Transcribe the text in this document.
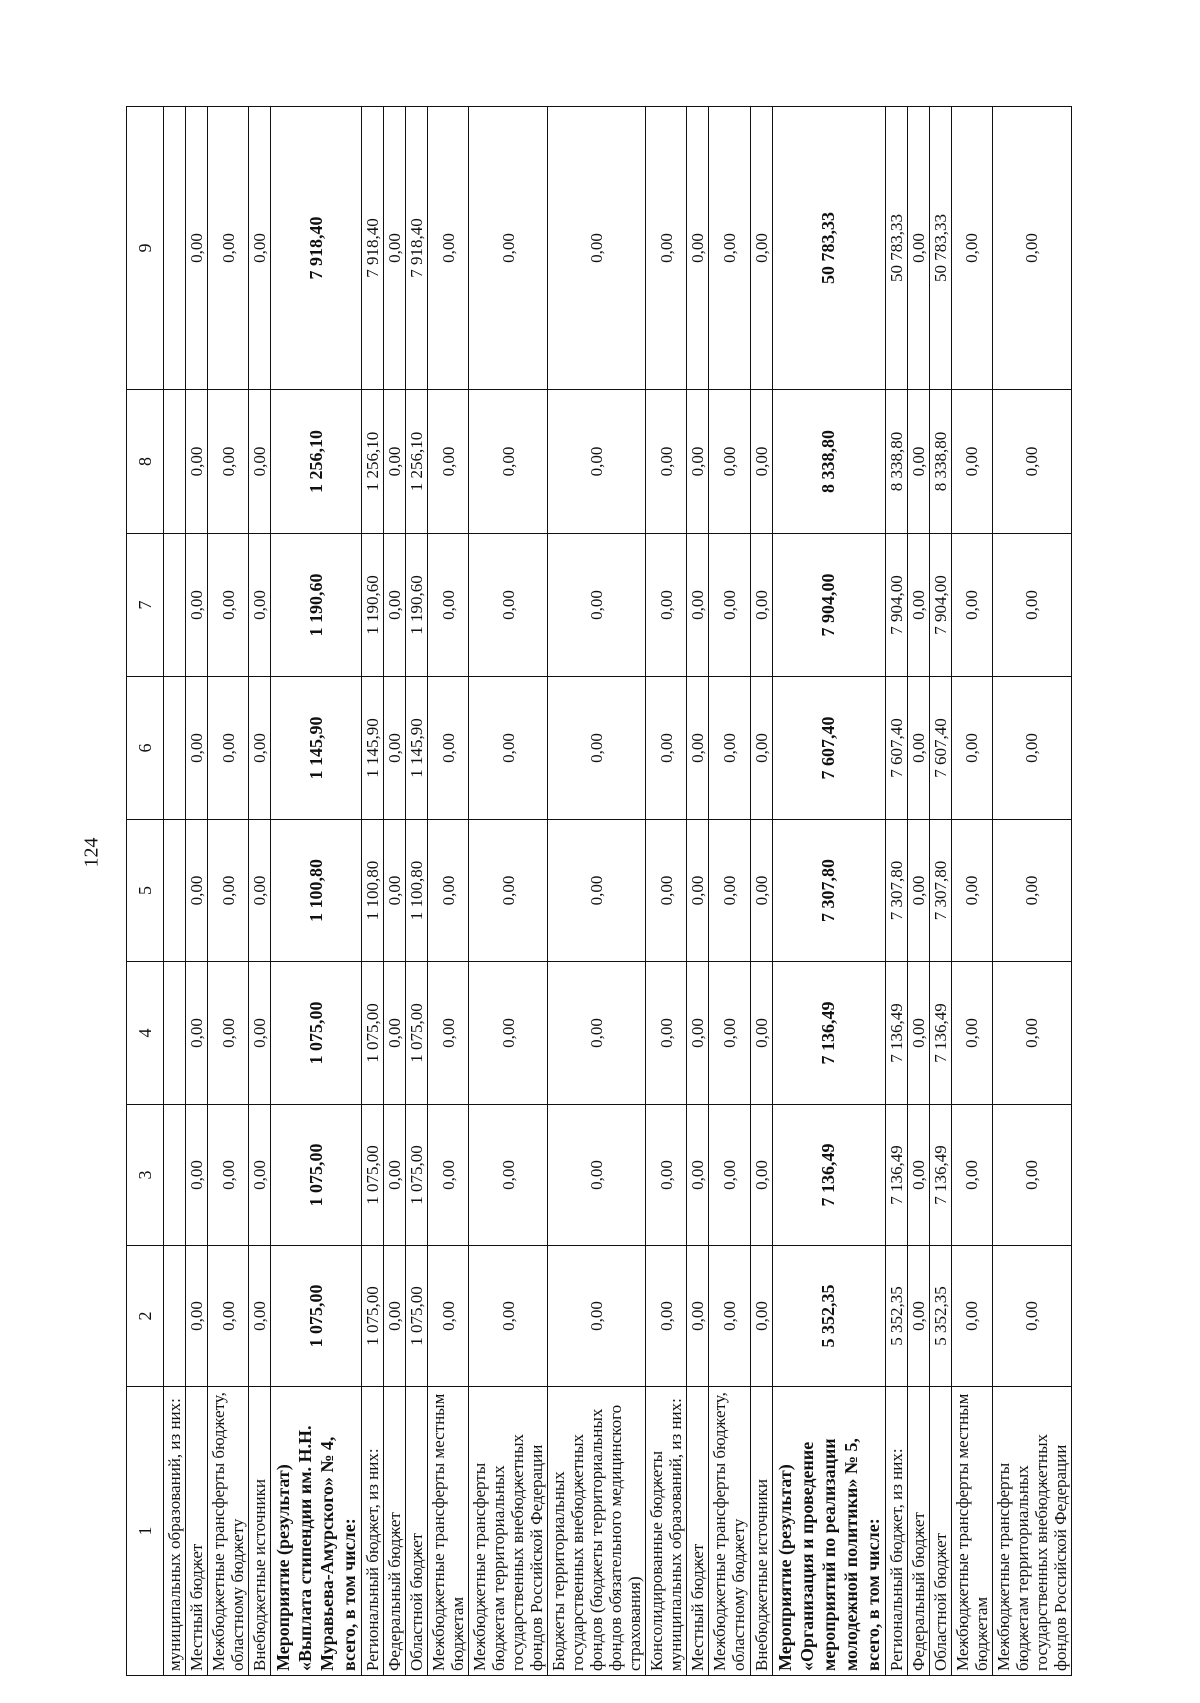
124
1	2	3	4	5	6	7	8	9
муниципальных образований, из них:								
Местный бюджет	0,00	0,00	0,00	0,00	0,00	0,00	0,00	0,00
Межбюджетные трансферты бюджету, областному бюджету	0,00	0,00	0,00	0,00	0,00	0,00	0,00	0,00
Внебюджетные источники	0,00	0,00	0,00	0,00	0,00	0,00	0,00	0,00
Мероприятие (результат) «Выплата стипендии им. Н.Н. Муравьева-Амурского» № 4, всего, в том числе:	1 075,00	1 075,00	1 075,00	1 100,80	1 145,90	1 190,60	1 256,10	7 918,40
Региональный бюджет, из них:	1 075,00	1 075,00	1 075,00	1 100,80	1 145,90	1 190,60	1 256,10	7 918,40
Федеральный бюджет	0,00	0,00	0,00	0,00	0,00	0,00	0,00	0,00
Областной бюджет	1 075,00	1 075,00	1 075,00	1 100,80	1 145,90	1 190,60	1 256,10	7 918,40
Межбюджетные трансферты местным бюджетам	0,00	0,00	0,00	0,00	0,00	0,00	0,00	0,00
Межбюджетные трансферты бюджетам территориальных государственных внебюджетных фондов Российской Федерации	0,00	0,00	0,00	0,00	0,00	0,00	0,00	0,00
Бюджеты территориальных государственных внебюджетных фондов (бюджеты территориальных фондов обязательного медицинского страхования)	0,00	0,00	0,00	0,00	0,00	0,00	0,00	0,00
Консолидированные бюджеты муниципальных образований, из них:	0,00	0,00	0,00	0,00	0,00	0,00	0,00	0,00
Местный бюджет	0,00	0,00	0,00	0,00	0,00	0,00	0,00	0,00
Межбюджетные трансферты бюджету, областному бюджету	0,00	0,00	0,00	0,00	0,00	0,00	0,00	0,00
Внебюджетные источники	0,00	0,00	0,00	0,00	0,00	0,00	0,00	0,00
Мероприятие (результат) «Организация и проведение мероприятий по реализации молодежной политики» № 5, всего, в том числе:	5 352,35	7 136,49	7 136,49	7 307,80	7 607,40	7 904,00	8 338,80	50 783,33
Региональный бюджет, из них:	5 352,35	7 136,49	7 136,49	7 307,80	7 607,40	7 904,00	8 338,80	50 783,33
Федеральный бюджет	0,00	0,00	0,00	0,00	0,00	0,00	0,00	0,00
Областной бюджет	5 352,35	7 136,49	7 136,49	7 307,80	7 607,40	7 904,00	8 338,80	50 783,33
Межбюджетные трансферты местным бюджетам	0,00	0,00	0,00	0,00	0,00	0,00	0,00	0,00
Межбюджетные трансферты бюджетам территориальных государственных внебюджетных фондов Российской Федерации	0,00	0,00	0,00	0,00	0,00	0,00	0,00	0,00
